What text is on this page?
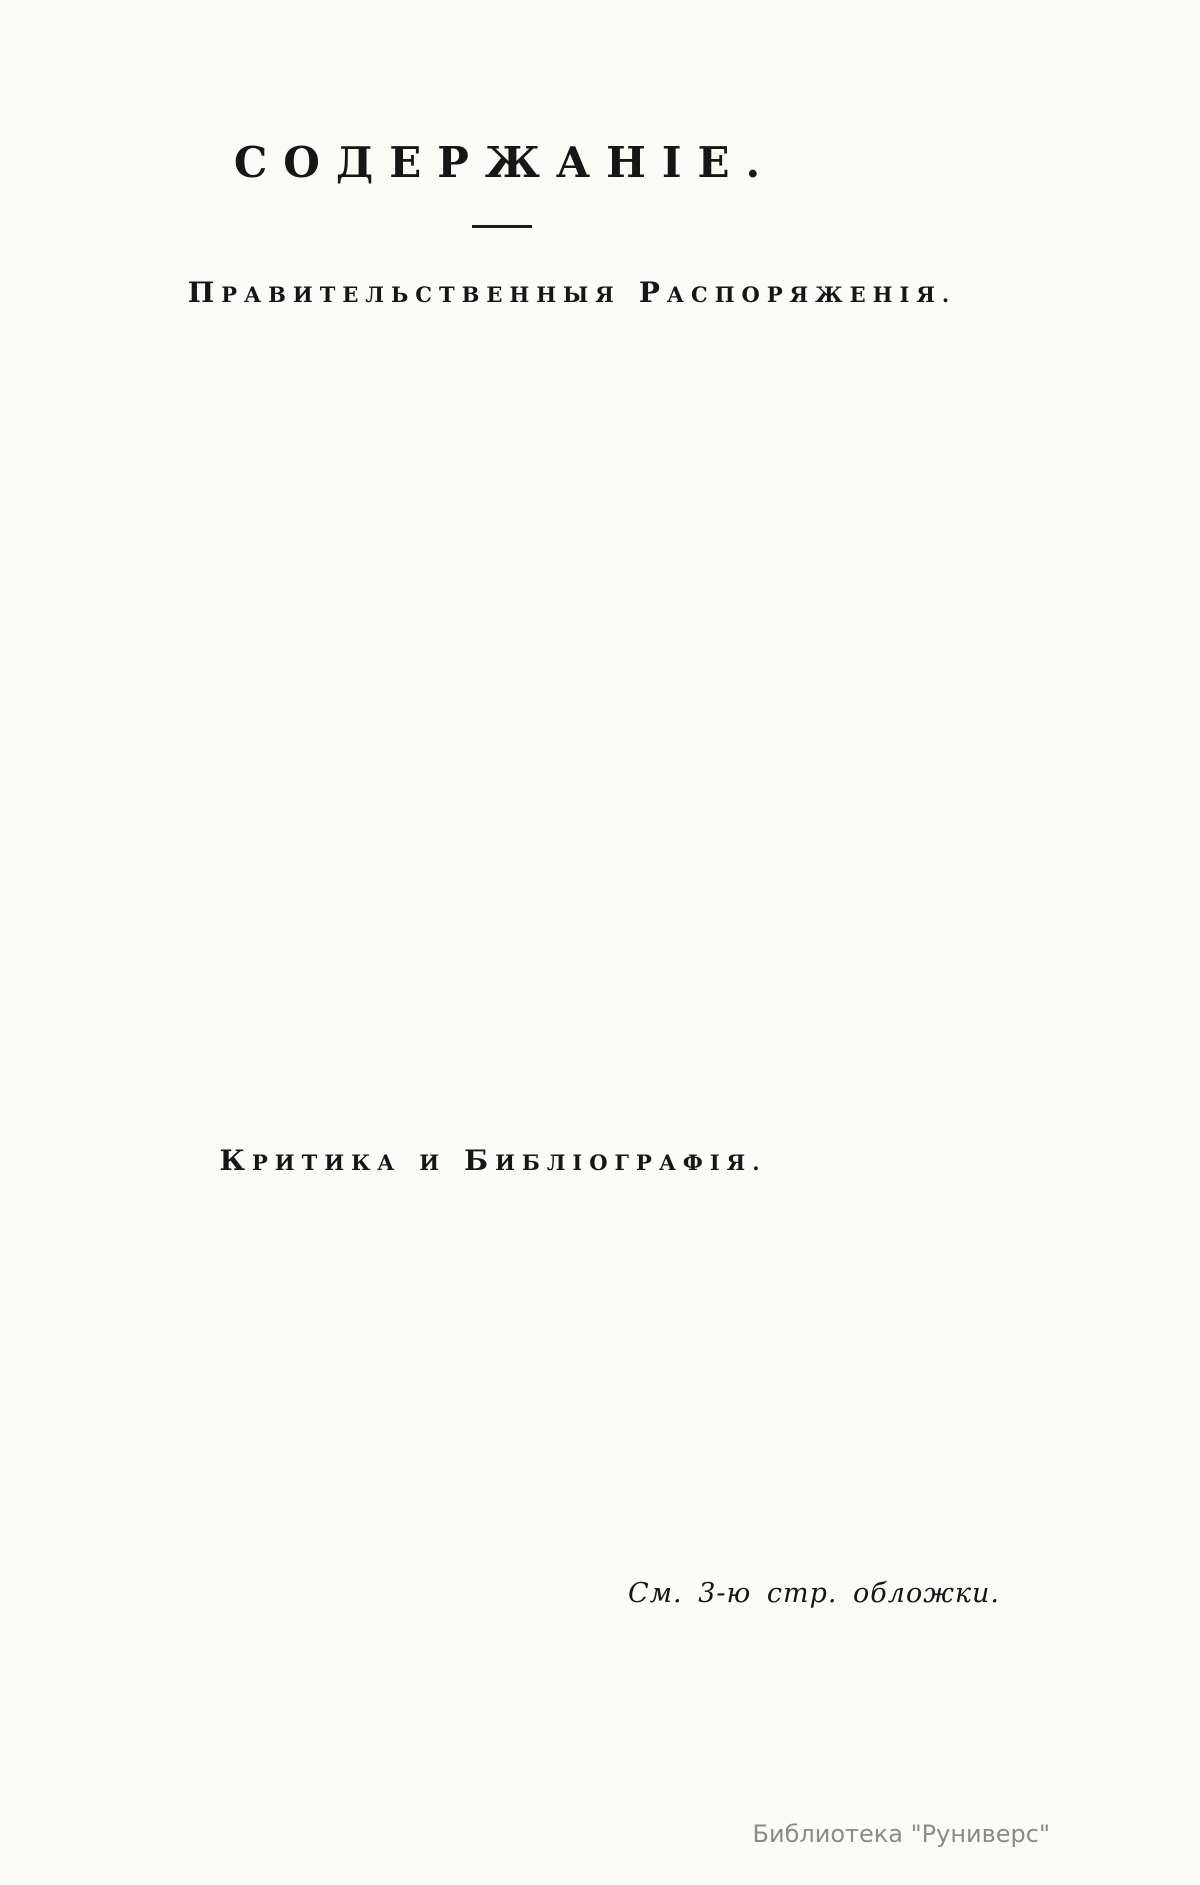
СОДЕРЖАНІЕ.
ПРАВИТЕЛЬСТВЕННЫЯ РАСПОРЯЖЕНІЯ.
КРИТИКА И БИБЛІОГРАФІЯ.
См. 3-ю стр. обложки.
Библиотека "Руниверс"
